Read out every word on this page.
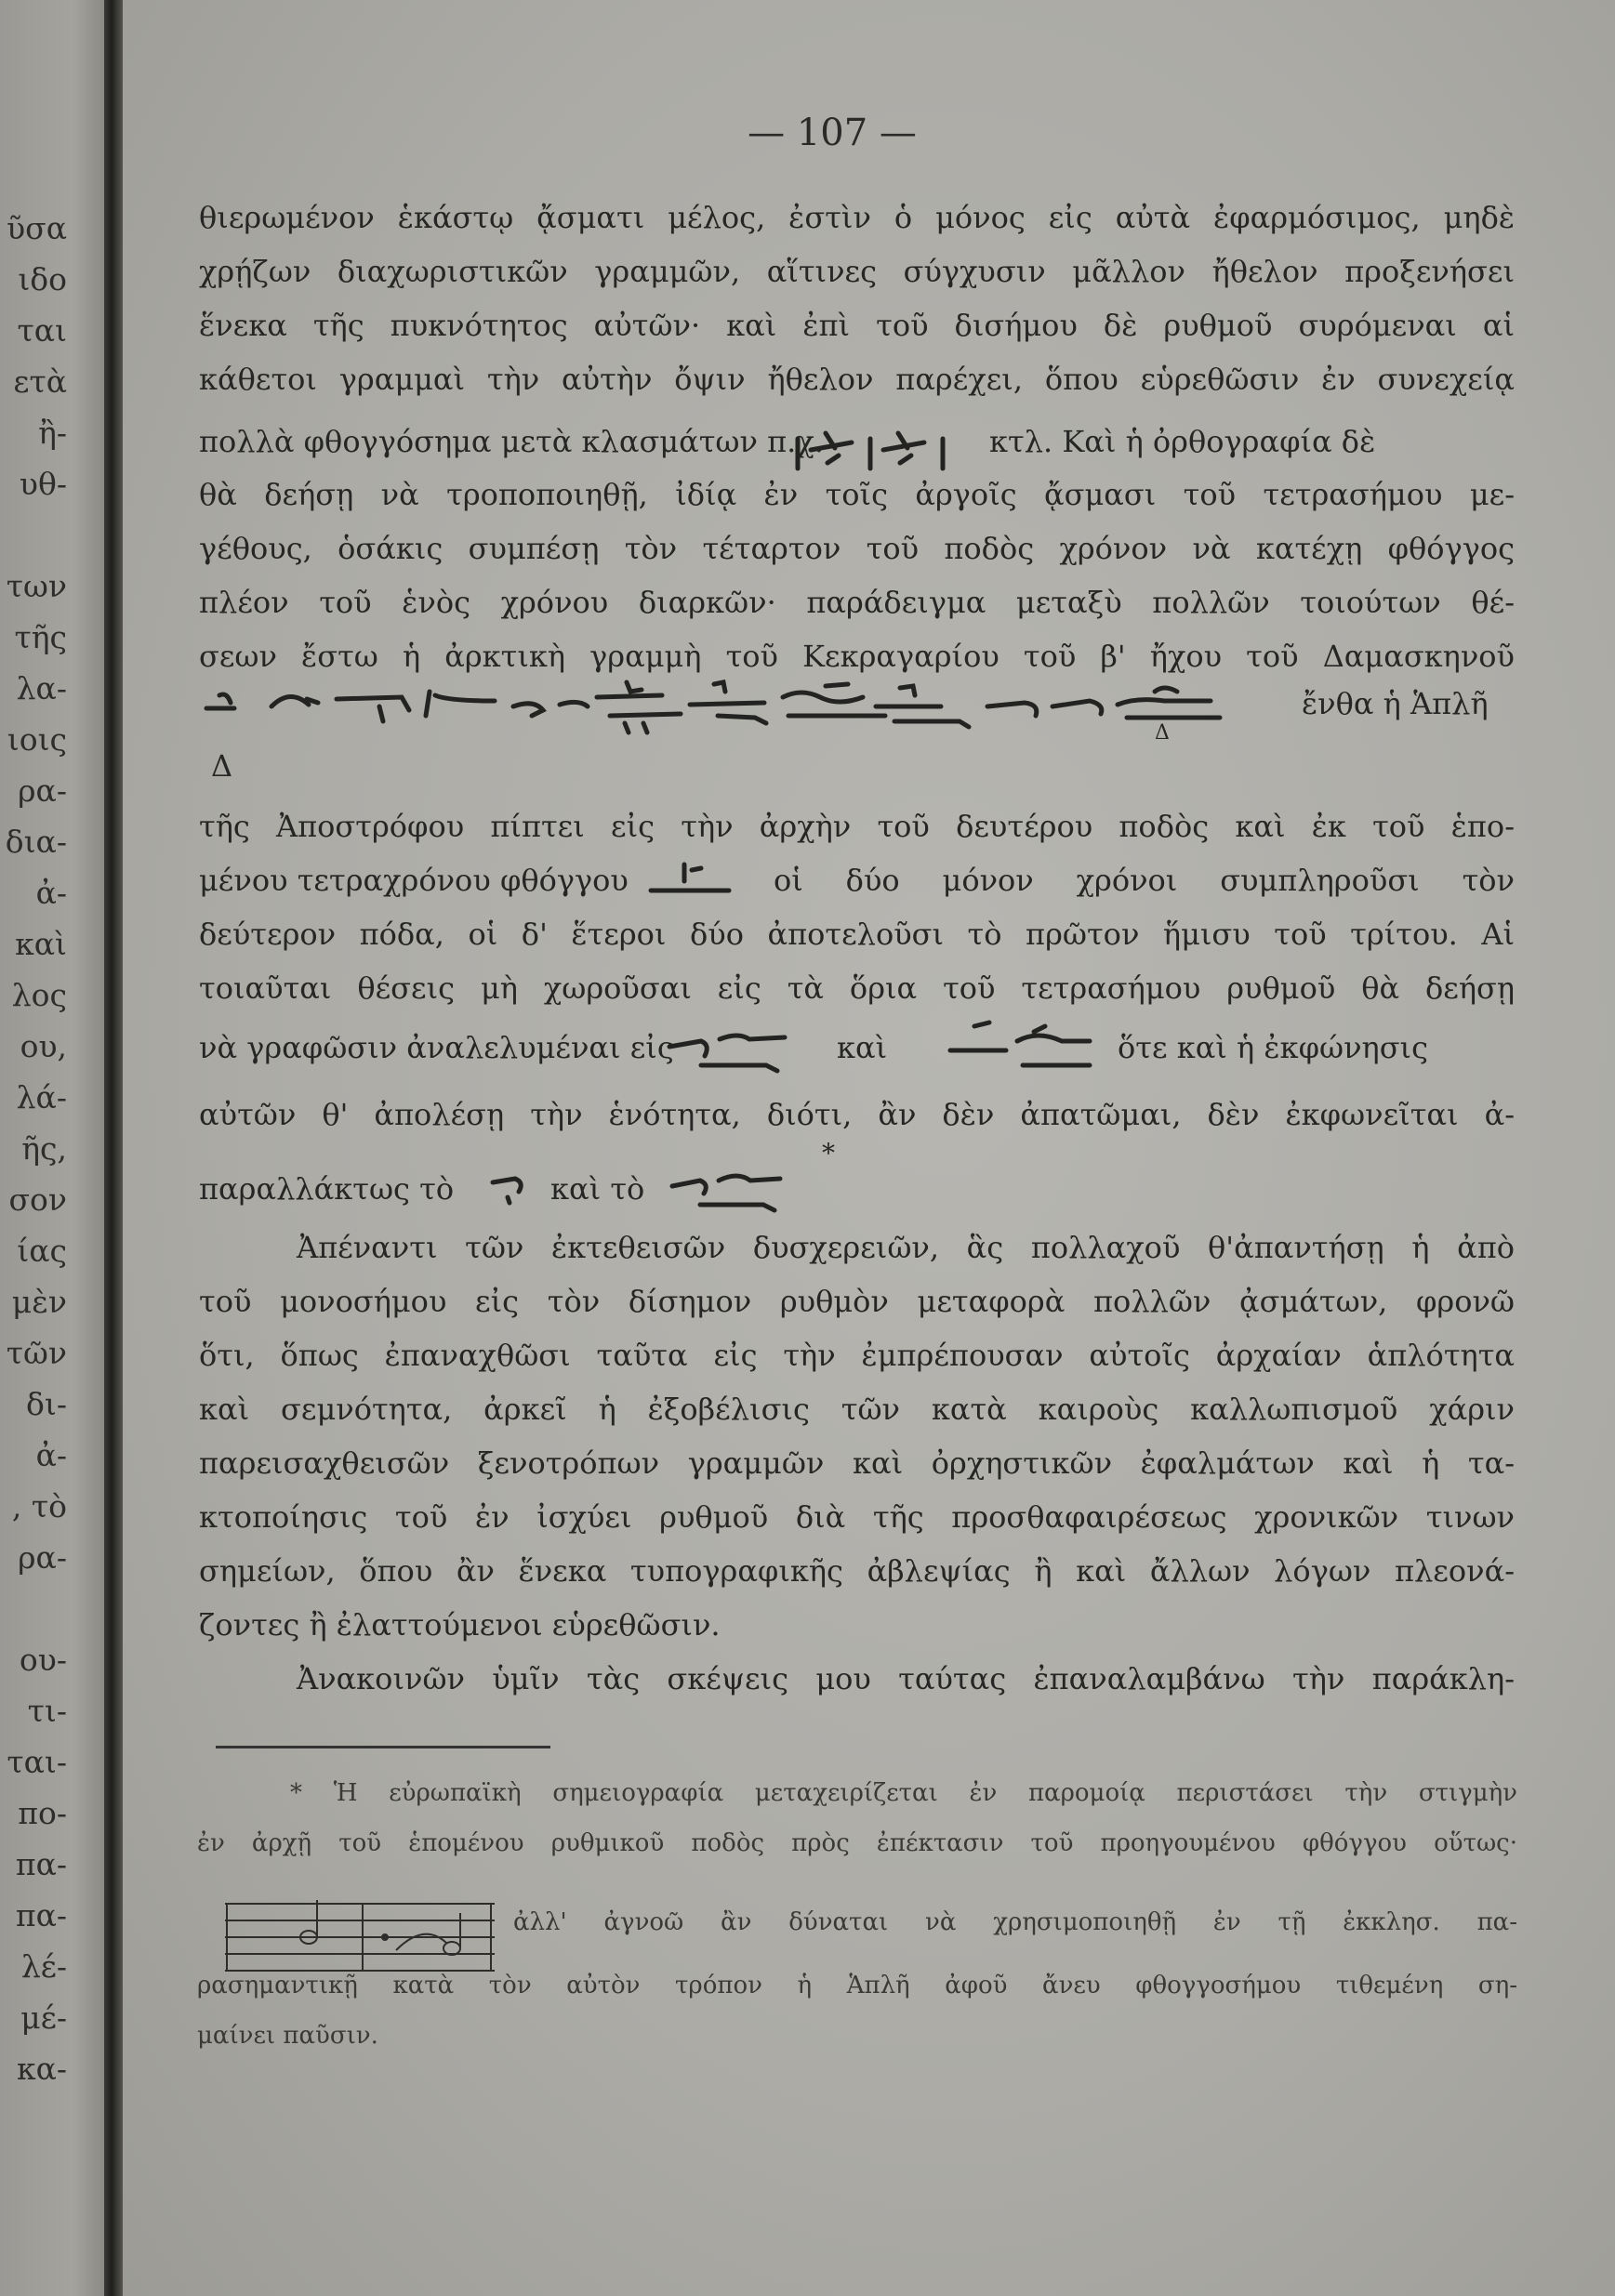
ῦσα
ιδο
ται
ετὰ
ἢ-
υθ-
των
τῆς
λα-
ιοις
ρα-
δια-
ἀ-
καὶ
λος
ου,
λά-
ῆς,
σον
ίας
μὲν
τῶν
δι-
ἀ-
, τὸ
ρα-
ου-
τι-
ται-
πο-
πα-
πα-
λέ-
μέ-
κα-
— 107 —
θιερωμένον ἑκάστῳ ᾄσματι μέλος, ἐστὶν ὁ μόνος εἰς αὐτὰ ἐφαρμόσιμος, μηδὲ
χρῄζων διαχωριστικῶν γραμμῶν, αἵτινες σύγχυσιν μᾶλλον ἤθελον προξενήσει
ἕνεκα τῆς πυκνότητος αὐτῶν· καὶ ἐπὶ τοῦ δισήμου δὲ ρυθμοῦ συρόμεναι αἱ
κάθετοι γραμμαὶ τὴν αὐτὴν ὄψιν ἤθελον παρέχει, ὅπου εὑρεθῶσιν ἐν συνεχείᾳ
πολλὰ φθογγόσημα μετὰ κλασμάτων π.χ.	κτλ. Καὶ ἡ ὀρθογραφία δὲ
θὰ δεήσῃ νὰ τροποποιηθῇ, ἰδίᾳ ἐν τοῖς ἀργοῖς ᾄσμασι τοῦ τετρασήμου με-
γέθους, ὁσάκις συμπέσῃ τὸν τέταρτον τοῦ ποδὸς χρόνον νὰ κατέχῃ φθόγγος
πλέον τοῦ ἑνὸς χρόνου διαρκῶν· παράδειγμα μεταξὺ πολλῶν τοιούτων θέ-
σεων ἔστω ἡ ἀρκτικὴ γραμμὴ τοῦ Κεκραγαρίου τοῦ β' ἤχου τοῦ Δαμασκηνοῦ
ἔνθα ἡ Ἁπλῆ
Δ
Δ
τῆς Ἀποστρόφου πίπτει εἰς τὴν ἀρχὴν τοῦ δευτέρου ποδὸς καὶ ἐκ τοῦ ἑπο-
μένου τετραχρόνου φθόγγου	οἱ δύο μόνον χρόνοι συμπληροῦσι τὸν
δεύτερον πόδα, οἱ δ' ἕτεροι δύο ἀποτελοῦσι τὸ πρῶτον ἥμισυ τοῦ τρίτου. Αἱ
τοιαῦται θέσεις μὴ χωροῦσαι εἰς τὰ ὅρια τοῦ τετρασήμου ρυθμοῦ θὰ δεήσῃ
νὰ γραφῶσιν ἀναλελυμέναι εἰς	καὶ	ὅτε καὶ ἡ ἐκφώνησις
αὐτῶν θ' ἀπολέσῃ τὴν ἑνότητα, διότι, ἂν δὲν ἀπατῶμαι, δὲν ἐκφωνεῖται ἀ-
παραλλάκτως τὸ	καὶ τὸ
*
Ἀπέναντι τῶν ἐκτεθεισῶν δυσχερειῶν, ἃς πολλαχοῦ θ'ἀπαντήσῃ ἡ ἀπὸ
τοῦ μονοσήμου εἰς τὸν δίσημον ρυθμὸν μεταφορὰ πολλῶν ᾀσμάτων, φρονῶ
ὅτι, ὅπως ἐπαναχθῶσι ταῦτα εἰς τὴν ἐμπρέπουσαν αὐτοῖς ἀρχαίαν ἁπλότητα
καὶ σεμνότητα, ἀρκεῖ ἡ ἐξοβέλισις τῶν κατὰ καιροὺς καλλωπισμοῦ χάριν
παρεισαχθεισῶν ξενοτρόπων γραμμῶν καὶ ὀρχηστικῶν ἐφαλμάτων καὶ ἡ τα-
κτοποίησις τοῦ ἐν ἰσχύει ρυθμοῦ διὰ τῆς προσθαφαιρέσεως χρονικῶν τινων
σημείων, ὅπου ἂν ἕνεκα τυπογραφικῆς ἀβλεψίας ἢ καὶ ἄλλων λόγων πλεονά-
ζοντες ἢ ἐλαττούμενοι εὑρεθῶσιν.
Ἀνακοινῶν ὑμῖν τὰς σκέψεις μου ταύτας ἐπαναλαμβάνω τὴν παράκλη-
* Ἡ εὐρωπαϊκὴ σημειογραφία μεταχειρίζεται ἐν παρομοίᾳ περιστάσει τὴν στιγμὴν
ἐν ἀρχῇ τοῦ ἑπομένου ρυθμικοῦ ποδὸς πρὸς ἐπέκτασιν τοῦ προηγουμένου φθόγγου οὕτως·
ἀλλ' ἀγνοῶ ἂν δύναται νὰ χρησιμοποιηθῇ ἐν τῇ ἐκκλησ. πα-
ρασημαντικῇ κατὰ τὸν αὐτὸν τρόπον ἡ Ἁπλῆ ἀφοῦ ἄνευ φθογγοσήμου τιθεμένη ση-
μαίνει παῦσιν.
